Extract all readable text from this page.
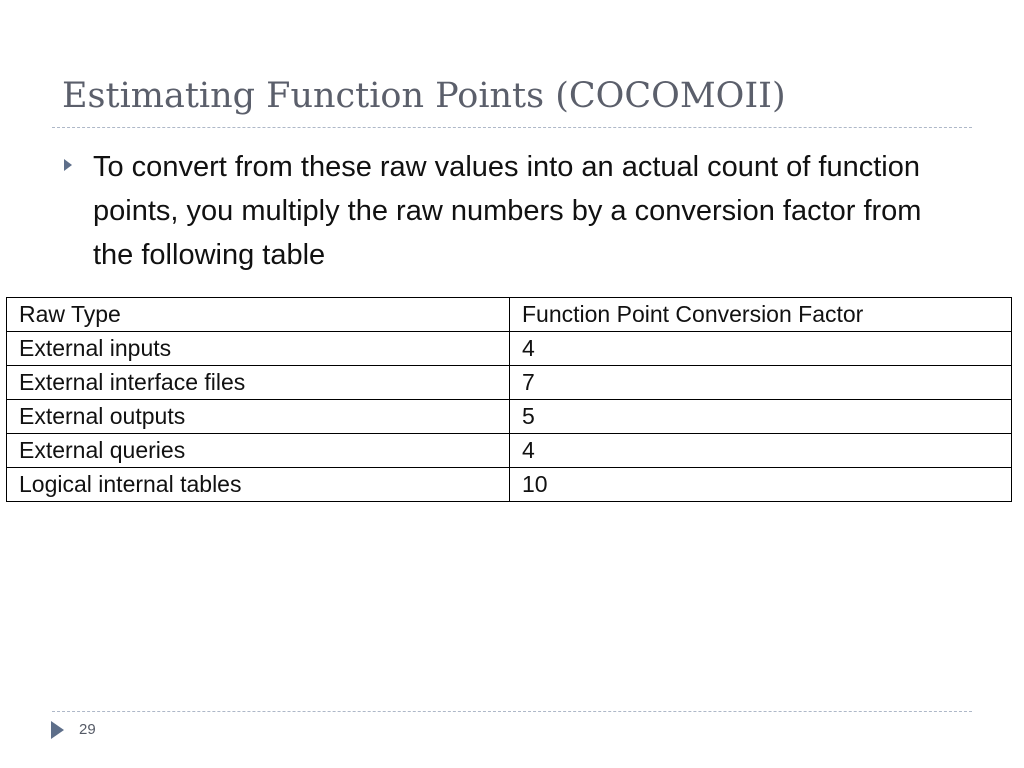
Estimating Function Points (COCOMOII)

To convert from these raw values into an actual count of function points, you multiply the raw numbers by a conversion factor from the following table

Raw Type	Function Point Conversion Factor
External inputs	4
External interface files	7
External outputs	5
External queries	4
Logical internal tables	10
29
